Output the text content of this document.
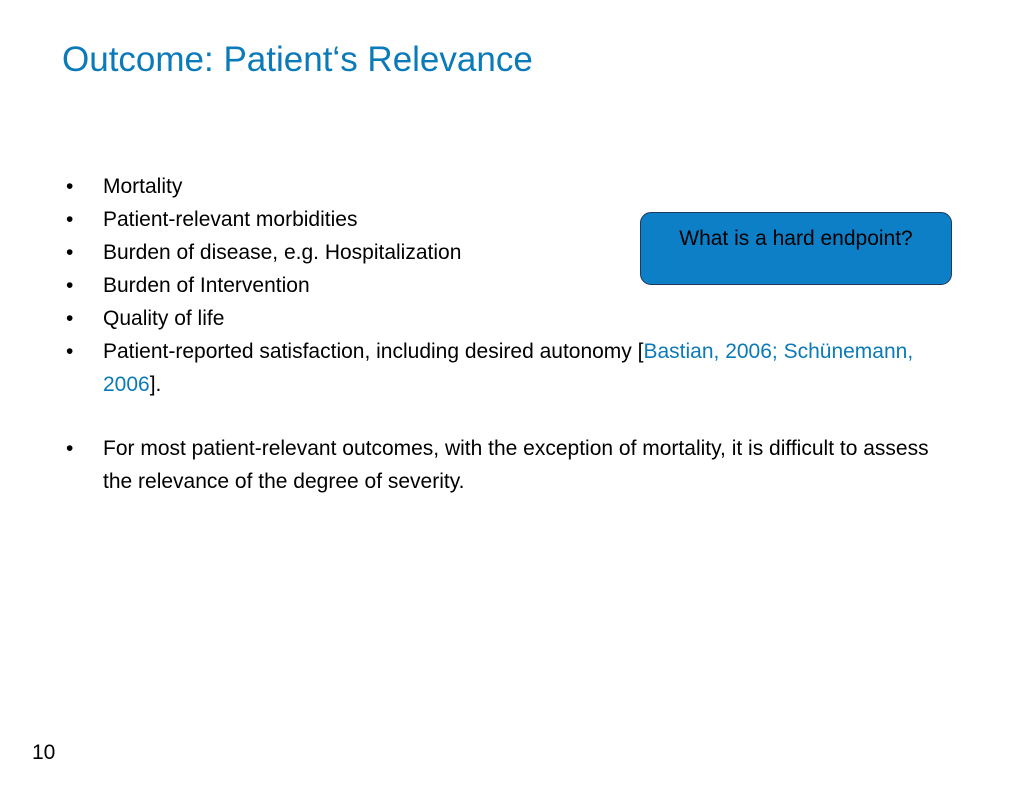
Outcome: Patient‘s Relevance
• Mortality
• Patient-relevant morbidities
• Burden of disease, e.g. Hospitalization
• Burden of Intervention
• Quality of life
• Patient-reported satisfaction, including desired autonomy [Bastian, 2006; Schünemann, 2006].
• For most patient-relevant outcomes, with the exception of mortality, it is difficult to assess the relevance of the degree of severity.
What is a hard endpoint?
10
